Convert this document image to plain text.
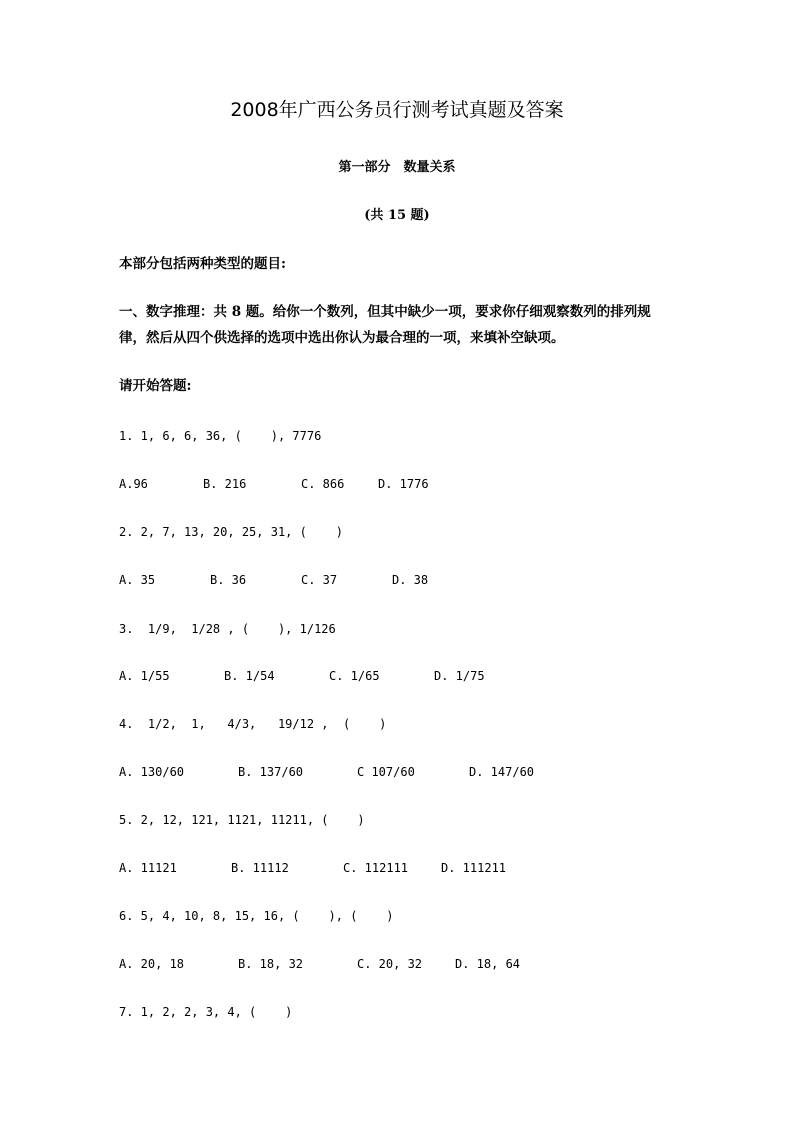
2008年广西公务员行测考试真题及答案
第一部分　数量关系
(共 15 题)
本部分包括两种类型的题目:
一、数字推理：共 8 题。给你一个数列，但其中缺少一项，要求你仔细观察数列的排列规
律，然后从四个供选择的选项中选出你认为最合理的一项，来填补空缺项。
请开始答题:
1. 1, 6, 6, 36, (    ), 7776
A.96	B. 216	C. 866	D. 1776
2. 2, 7, 13, 20, 25, 31, (    )
A. 35	B. 36	C. 37	D. 38
3.  1/9,  1/28 , (    ), 1/126
A. 1/55	B. 1/54	C. 1/65	D. 1/75
4.  1/2,  1,   4/3,   19/12 ,  (    )
A. 130/60	B. 137/60	C 107/60	D. 147/60
5. 2, 12, 121, 1121, 11211, (    )
A. 11121	B. 11112	C. 112111	D. 111211
6. 5, 4, 10, 8, 15, 16, (    ), (    )
A. 20, 18	B. 18, 32	C. 20, 32	D. 18, 64
7. 1, 2, 2, 3, 4, (    )
